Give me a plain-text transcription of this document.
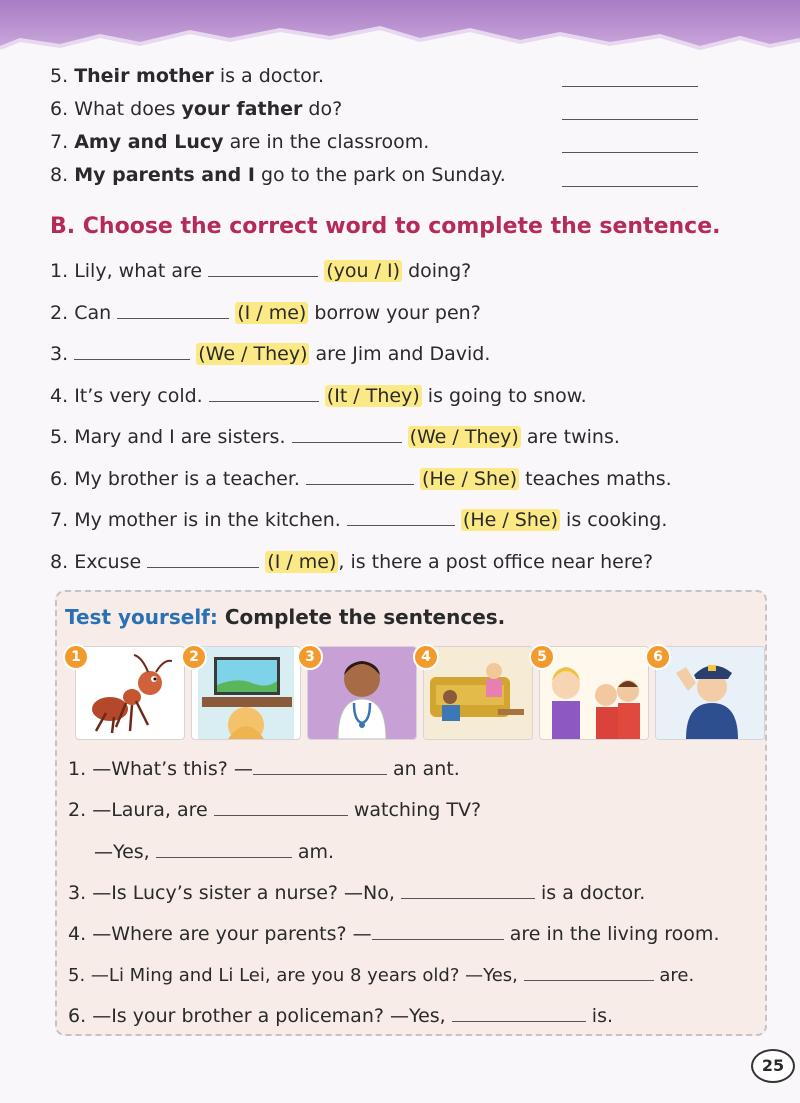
5. Their mother is a doctor.
6. What does your father do?
7. Amy and Lucy are in the classroom.
8. My parents and I go to the park on Sunday.
B. Choose the correct word to complete the sentence.
1. Lily, what are	(you / I) doing?
2. Can	(I / me) borrow your pen?
3.	(We / They) are Jim and David.
4. It’s very cold.	(It / They) is going to snow.
5. Mary and I are sisters.	(We / They) are twins.
6. My brother is a teacher.	(He / She) teaches maths.
7. My mother is in the kitchen.	(He / She) is cooking.
8. Excuse	(I / me) , is there a post office near here?
Test yourself: Complete the sentences.
1	2	3	4	5	6
1. —What’s this? —	an ant.
2. —Laura, are	watching TV?
—Yes,	am.
3. —Is Lucy’s sister a nurse? —No,	is a doctor.
4. —Where are your parents? —	are in the living room.
5. —Li Ming and Li Lei, are you 8 years old? —Yes,	are.
6. —Is your brother a policeman? —Yes,	is.
25
